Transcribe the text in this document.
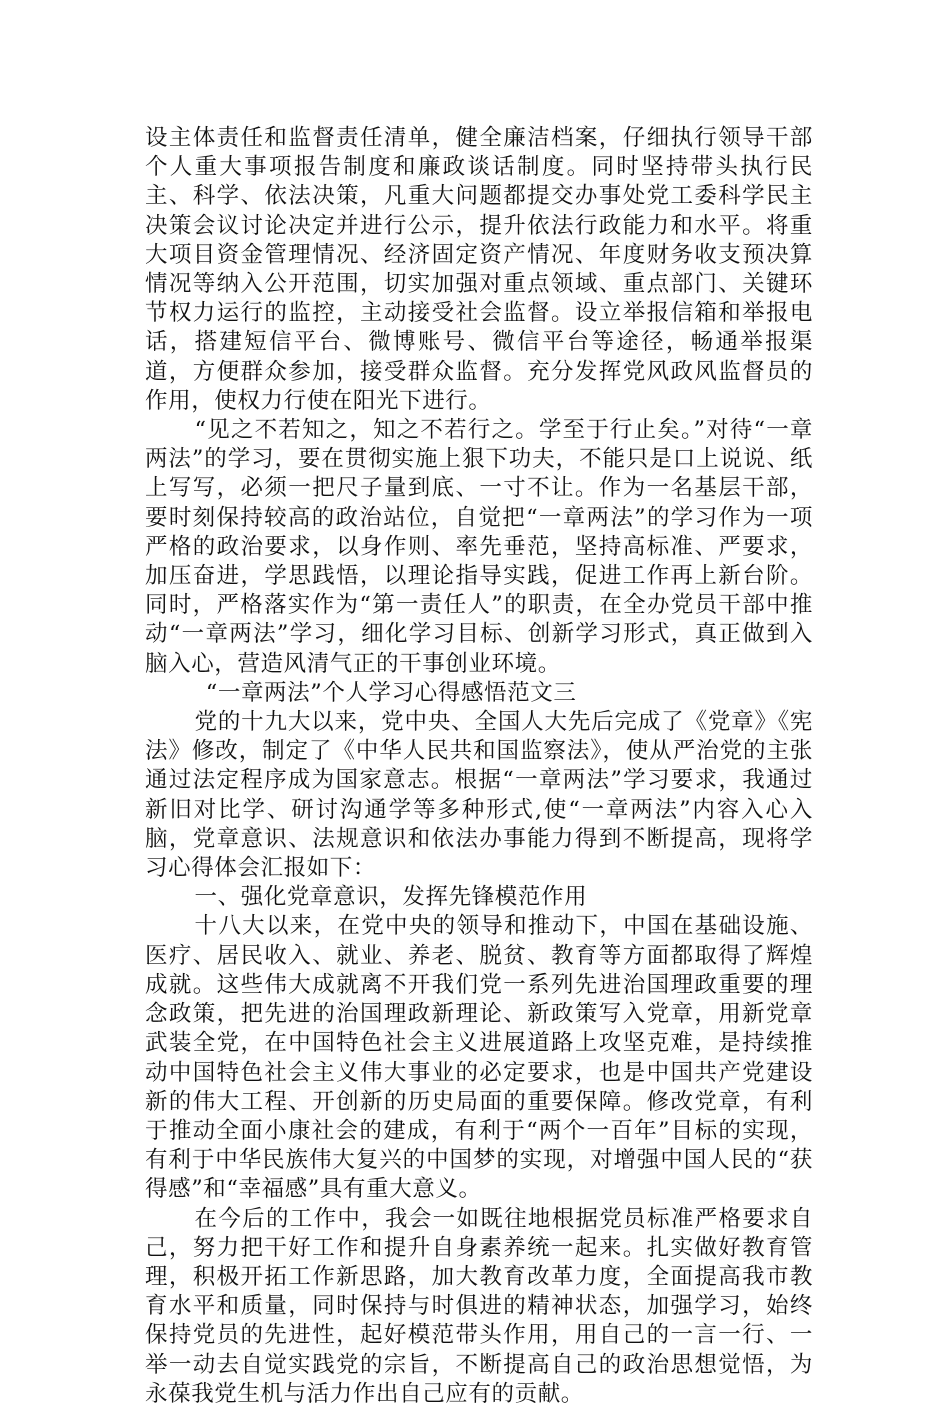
设主体责任和监督责任清单，健全廉洁档案，仔细执行领导干部个人重大事项报告制度和廉政谈话制度。同时坚持带头执行民主、科学、依法决策，凡重大问题都提交办事处党工委科学民主决策会议讨论决定并进行公示，提升依法行政能力和水平。将重大项目资金管理情况、经济固定资产情况、年度财务收支预决算情况等纳入公开范围，切实加强对重点领域、重点部门、关键环节权力运行的监控，主动接受社会监督。设立举报信箱和举报电话，搭建短信平台、微博账号、微信平台等途径，畅通举报渠道，方便群众参加，接受群众监督。充分发挥党风政风监督员的作用，使权力行使在阳光下进行。

“见之不若知之，知之不若行之。学至于行止矣。”对待“一章两法”的学习，要在贯彻实施上狠下功夫，不能只是口上说说、纸上写写，必须一把尺子量到底、一寸不让。作为一名基层干部，要时刻保持较高的政治站位，自觉把“一章两法”的学习作为一项严格的政治要求，以身作则、率先垂范，坚持高标准、严要求，加压奋进，学思践悟，以理论指导实践，促进工作再上新台阶。同时，严格落实作为“第一责任人”的职责，在全办党员干部中推动“一章两法”学习，细化学习目标、创新学习形式，真正做到入脑入心，营造风清气正的干事创业环境。

“一章两法”个人学习心得感悟范文三

党的十九大以来，党中央、全国人大先后完成了《党章》《宪法》修改，制定了《中华人民共和国监察法》，使从严治党的主张通过法定程序成为国家意志。根据“一章两法”学习要求，我通过新旧对比学、研讨沟通学等多种形式,使“一章两法”内容入心入脑，党章意识、法规意识和依法办事能力得到不断提高，现将学习心得体会汇报如下：

一、强化党章意识，发挥先锋模范作用

十八大以来，在党中央的领导和推动下，中国在基础设施、医疗、居民收入、就业、养老、脱贫、教育等方面都取得了辉煌成就。这些伟大成就离不开我们党一系列先进治国理政重要的理念政策，把先进的治国理政新理论、新政策写入党章，用新党章武装全党，在中国特色社会主义进展道路上攻坚克难，是持续推动中国特色社会主义伟大事业的必定要求，也是中国共产党建设新的伟大工程、开创新的历史局面的重要保障。修改党章，有利于推动全面小康社会的建成，有利于“两个一百年”目标的实现，有利于中华民族伟大复兴的中国梦的实现，对增强中国人民的“获得感”和“幸福感”具有重大意义。

在今后的工作中，我会一如既往地根据党员标准严格要求自己，努力把干好工作和提升自身素养统一起来。扎实做好教育管理，积极开拓工作新思路，加大教育改革力度，全面提高我市教育水平和质量，同时保持与时俱进的精神状态，加强学习，始终保持党员的先进性，起好模范带头作用，用自己的一言一行、一举一动去自觉实践党的宗旨，不断提高自己的政治思想觉悟，为永葆我党生机与活力作出自己应有的贡献。
